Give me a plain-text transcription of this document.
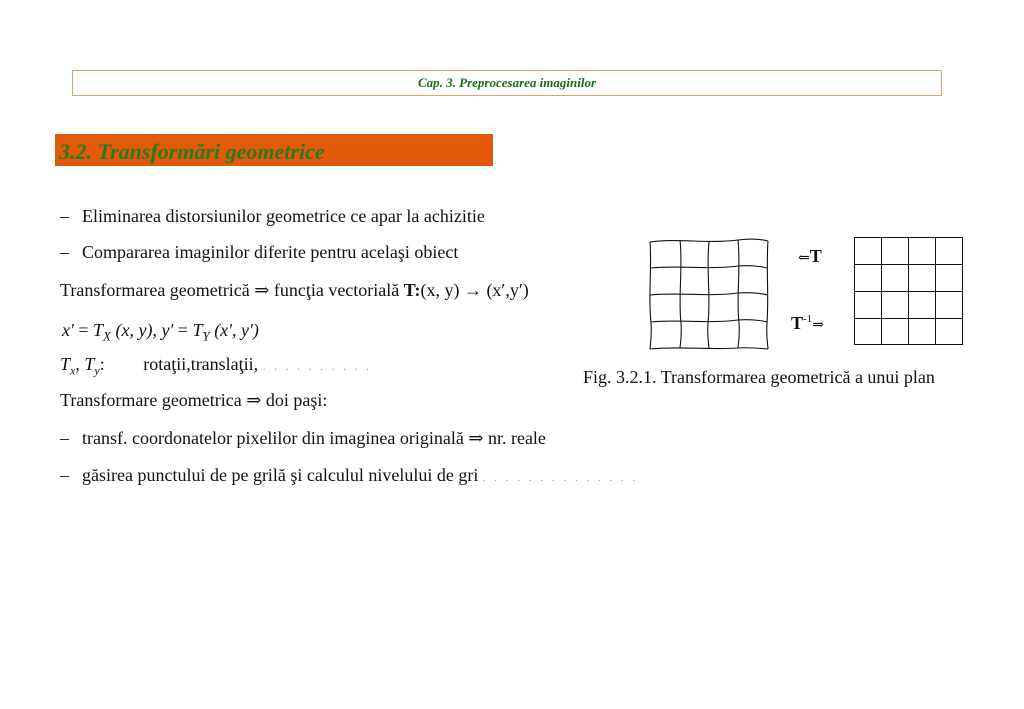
Cap. 3. Preprocesarea imaginilor
3.2. Transformări geometrice
– Eliminarea distorsiunilor geometrice ce apar la achizitie
– Compararea imaginilor diferite pentru acelaşi obiect
Transformarea geometrică ⇒ funcţia vectorială T:(x, y) → (x′,y′)
$x' = T_X$ (x, y), $y' = T_Y$ (x', y')
$T_x$, $T_y$: rotaţii,translaţii, . . . . . . . . . .
Transformare geometrica ⇒ doi paşi:
– transf. coordonatelor pixelilor din imaginea originală ⇒ nr. reale
– găsirea punctului de pe grilă şi calculul nivelului de gri . . . . . . . . . . . . . .
⇐T
$T^{-1}\Rightarrow$
Fig. 3.2.1. Transformarea geometrică a unui plan
